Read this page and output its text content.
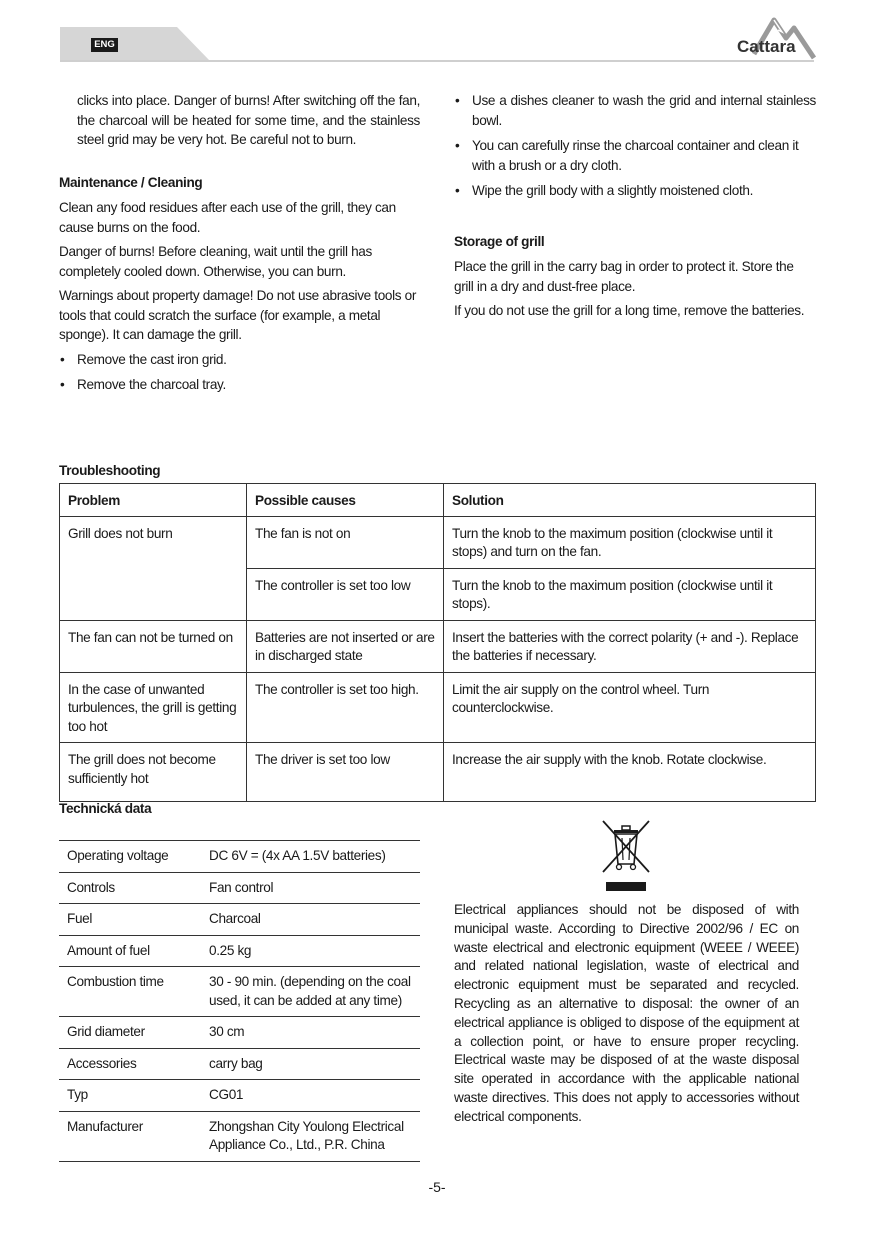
ENG	Cattara

clicks into place. Danger of burns! After switching off the fan, the charcoal will be heated for some time, and the stainless steel grid may be very hot. Be careful not to burn.

Maintenance / Cleaning

Clean any food residues after each use of the grill, they can cause burns on the food.

Danger of burns! Before cleaning, wait until the grill has completely cooled down. Otherwise, you can burn.

Warnings about property damage! Do not use abrasive tools or tools that could scratch the surface (for example, a metal sponge). It can damage the grill.

• Remove the cast iron grid.
• Remove the charcoal tray.
• Use a dishes cleaner to wash the grid and internal stainless bowl.
• You can carefully rinse the charcoal container and clean it with a brush or a dry cloth.
• Wipe the grill body with a slightly moistened cloth.

Storage of grill

Place the grill in the carry bag in order to protect it. Store the grill in a dry and dust-free place.

If you do not use the grill for a long time, remove the batteries.

Troubleshooting
Problem	Possible causes	Solution
Grill does not burn	The fan is not on	Turn the knob to the maximum position (clockwise until it stops) and turn on the fan.
	The controller is set too low	Turn the knob to the maximum position (clockwise until it stops).
The fan can not be turned on	Batteries are not inserted or are in discharged state	Insert the batteries with the correct polarity (+ and -). Replace the batteries if necessary.
In the case of unwanted turbulences, the grill is getting too hot	The controller is set too high.	Limit the air supply on the control wheel. Turn counterclockwise.
The grill does not become sufficiently hot	The driver is set too low	Increase the air supply with the knob. Rotate clockwise.
Technická data
Operating voltage	DC 6V = (4x AA 1.5V batteries)
Controls	Fan control
Fuel	Charcoal
Amount of fuel	0.25 kg
Combustion time	30 - 90 min. (depending on the coal used, it can be added at any time)
Grid diameter	30 cm
Accessories	carry bag
Typ	CG01
Manufacturer	Zhongshan City Youlong Electrical Appliance Co., Ltd., P.R. China

Electrical appliances should not be disposed of with municipal waste. According to Directive 2002/96 / EC on waste electrical and electronic equipment (WEEE / WEEE) and related national legislation, waste of electrical and electronic equipment must be separated and recycled. Recycling as an alternative to disposal: the owner of an electrical appliance is obliged to dispose of the equipment at a collection point, or have to ensure proper recycling. Electrical waste may be disposed of at the waste disposal site operated in accordance with the applicable national waste directives. This does not apply to accessories without electrical components.

-5-
